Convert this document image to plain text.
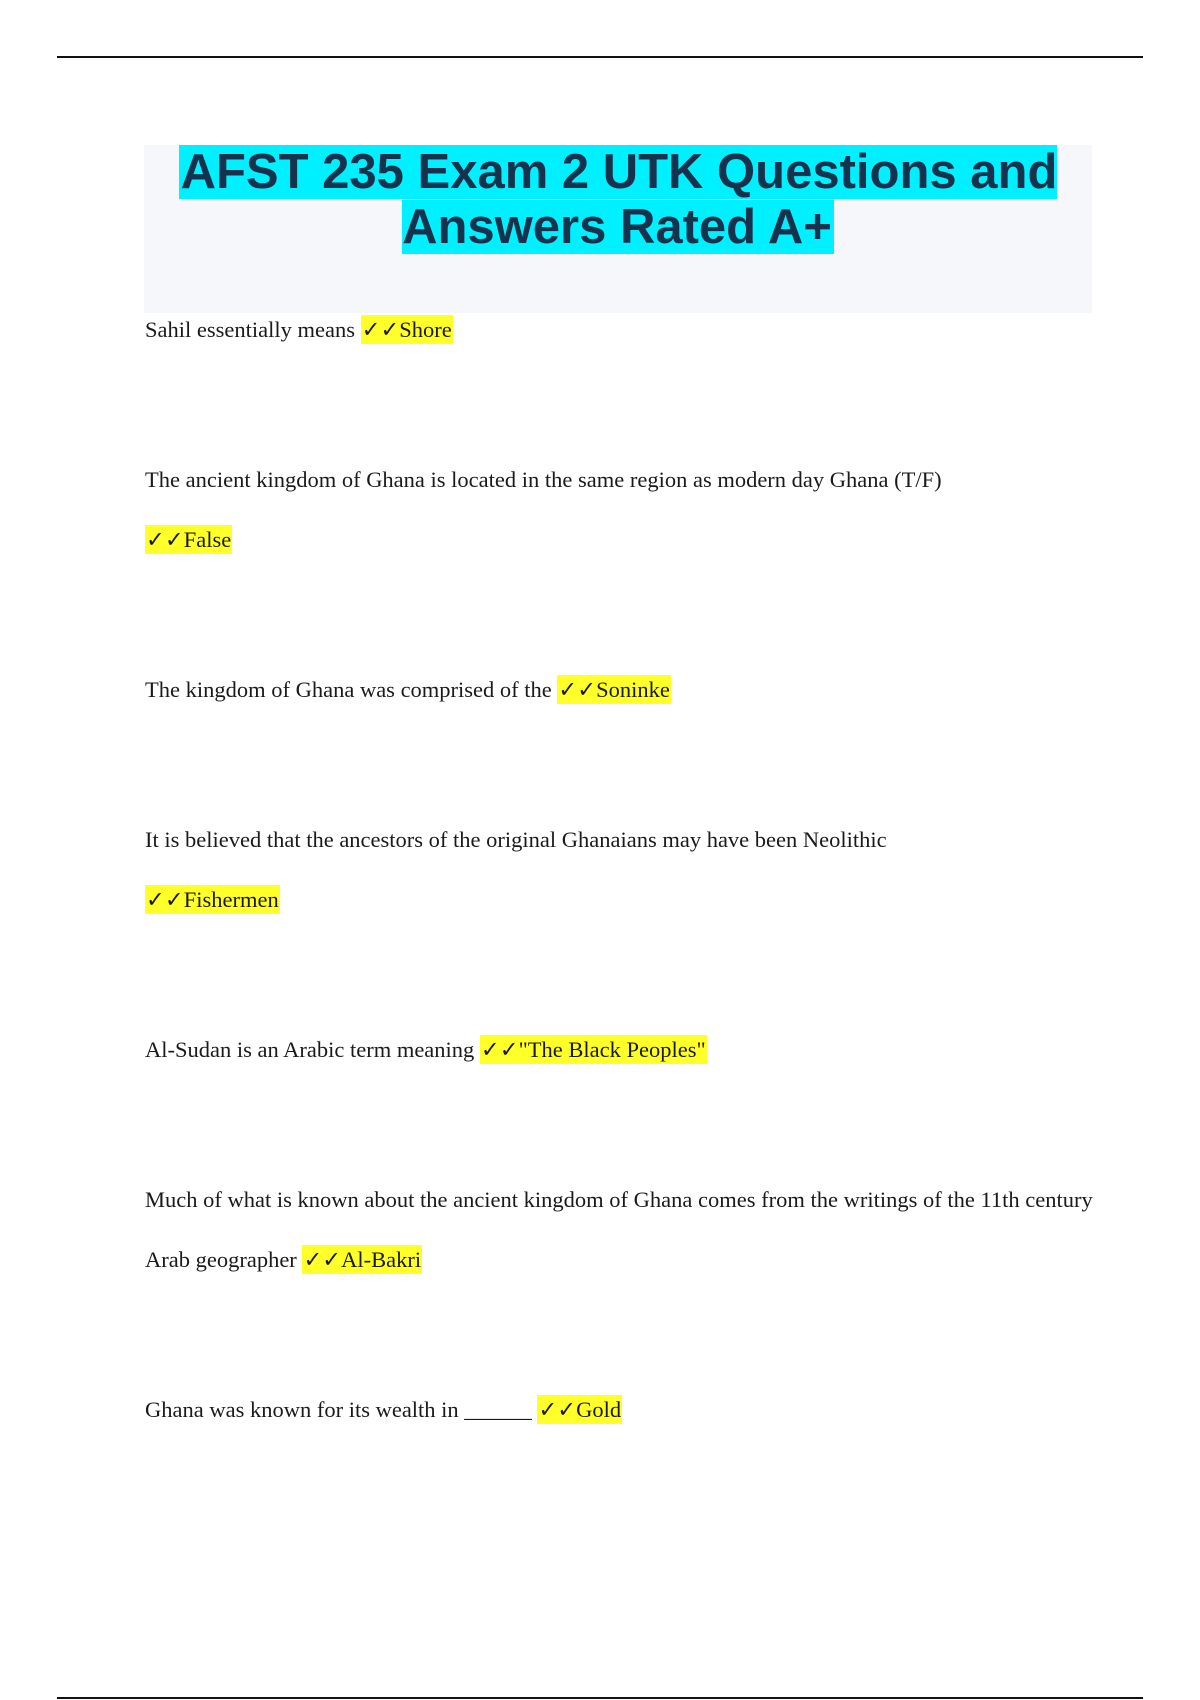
AFST 235 Exam 2 UTK Questions and Answers Rated A+
Sahil essentially means ✓✓Shore
The ancient kingdom of Ghana is located in the same region as modern day Ghana (T/F)
✓✓False
The kingdom of Ghana was comprised of the ✓✓Soninke
It is believed that the ancestors of the original Ghanaians may have been Neolithic
✓✓Fishermen
Al-Sudan is an Arabic term meaning ✓✓"The Black Peoples"
Much of what is known about the ancient kingdom of Ghana comes from the writings of the 11th century Arab geographer ✓✓Al-Bakri
Ghana was known for its wealth in ______ ✓✓Gold
